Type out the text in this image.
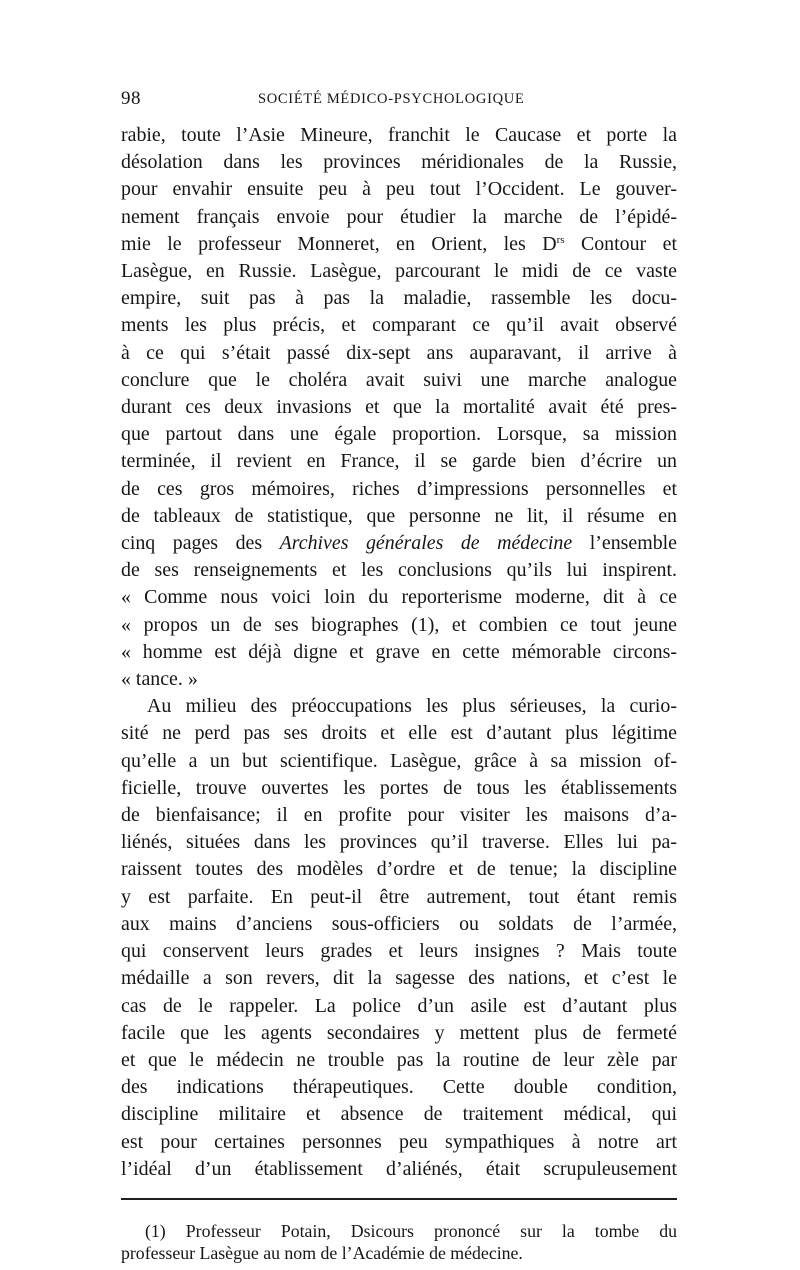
98	SOCIÉTÉ MÉDICO-PSYCHOLOGIQUE
rabie, toute l’Asie Mineure, franchit le Caucase et porte la
désolation dans les provinces méridionales de la Russie,
pour envahir ensuite peu à peu tout l’Occident. Le gouver-
nement français envoie pour étudier la marche de l’épidé-
mie le professeur Monneret, en Orient, les $D^{rs}$ Contour et
Lasègue, en Russie. Lasègue, parcourant le midi de ce vaste
empire, suit pas à pas la maladie, rassemble les docu-
ments les plus précis, et comparant ce qu’il avait observé
à ce qui s’était passé dix-sept ans auparavant, il arrive à
conclure que le choléra avait suivi une marche analogue
durant ces deux invasions et que la mortalité avait été pres-
que partout dans une égale proportion. Lorsque, sa mission
terminée, il revient en France, il se garde bien d’écrire un
de ces gros mémoires, riches d’impressions personnelles et
de tableaux de statistique, que personne ne lit, il résume en
cinq pages des Archives générales de médecine l’ensemble
de ses renseignements et les conclusions qu’ils lui inspirent.
« Comme nous voici loin du reporterisme moderne, dit à ce
« propos un de ses biographes (1), et combien ce tout jeune
« homme est déjà digne et grave en cette mémorable circons-
« tance. »
Au milieu des préoccupations les plus sérieuses, la curio-
sité ne perd pas ses droits et elle est d’autant plus légitime
qu’elle a un but scientifique. Lasègue, grâce à sa mission of-
ficielle, trouve ouvertes les portes de tous les établissements
de bienfaisance; il en profite pour visiter les maisons d’a-
liénés, situées dans les provinces qu’il traverse. Elles lui pa-
raissent toutes des modèles d’ordre et de tenue; la discipline
y est parfaite. En peut-il être autrement, tout étant remis
aux mains d’anciens sous-officiers ou soldats de l’armée,
qui conservent leurs grades et leurs insignes ? Mais toute
médaille a son revers, dit la sagesse des nations, et c’est le
cas de le rappeler. La police d’un asile est d’autant plus
facile que les agents secondaires y mettent plus de fermeté
et que le médecin ne trouble pas la routine de leur zèle par
des indications thérapeutiques. Cette double condition,
discipline militaire et absence de traitement médical, qui
est pour certaines personnes peu sympathiques à notre art
l’idéal d’un établissement d’aliénés, était scrupuleusement
(1) Professeur Potain, Dsicours prononcé sur la tombe du
professeur Lasègue au nom de l’Académie de médecine.
